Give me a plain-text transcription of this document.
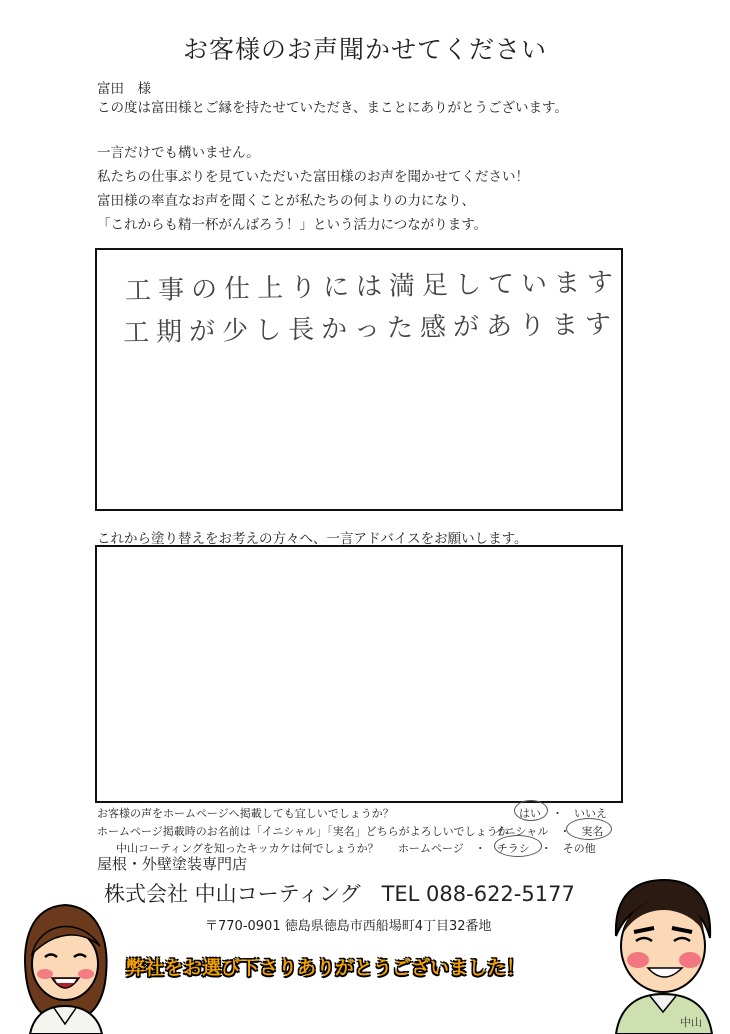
お客様のお声聞かせてください
富田　様
この度は富田様とご縁を持たせていただき、まことにありがとうございます。
一言だけでも構いません。
私たちの仕事ぶりを見ていただいた富田様のお声を聞かせてください！
富田様の率直なお声を聞くことが私たちの何よりの力になり、
「これからも精一杯がんばろう！」という活力につながります。
工事の仕上りには満足しています
工期が少し長かった感があります
これから塗り替えをお考えの方々へ、一言アドバイスをお願いします。
お客様の声をホームページへ掲載しても宜しいでしょうか？	はい　・　いいえ
ホームページ掲載時のお名前は「イニシャル」「実名」どちらがよろしいでしょうか
イニシャル　・　実名
中山コーティングを知ったキッカケは何でしょうか？ ホームページ　・　チラシ　・　その他
屋根・外壁塗装専門店
株式会社 中山コーティング　TEL 088-622-5177
〒770-0901 徳島県徳島市西船場町4丁目32番地
弊社をお選び下さりありがとうございました！
中山
